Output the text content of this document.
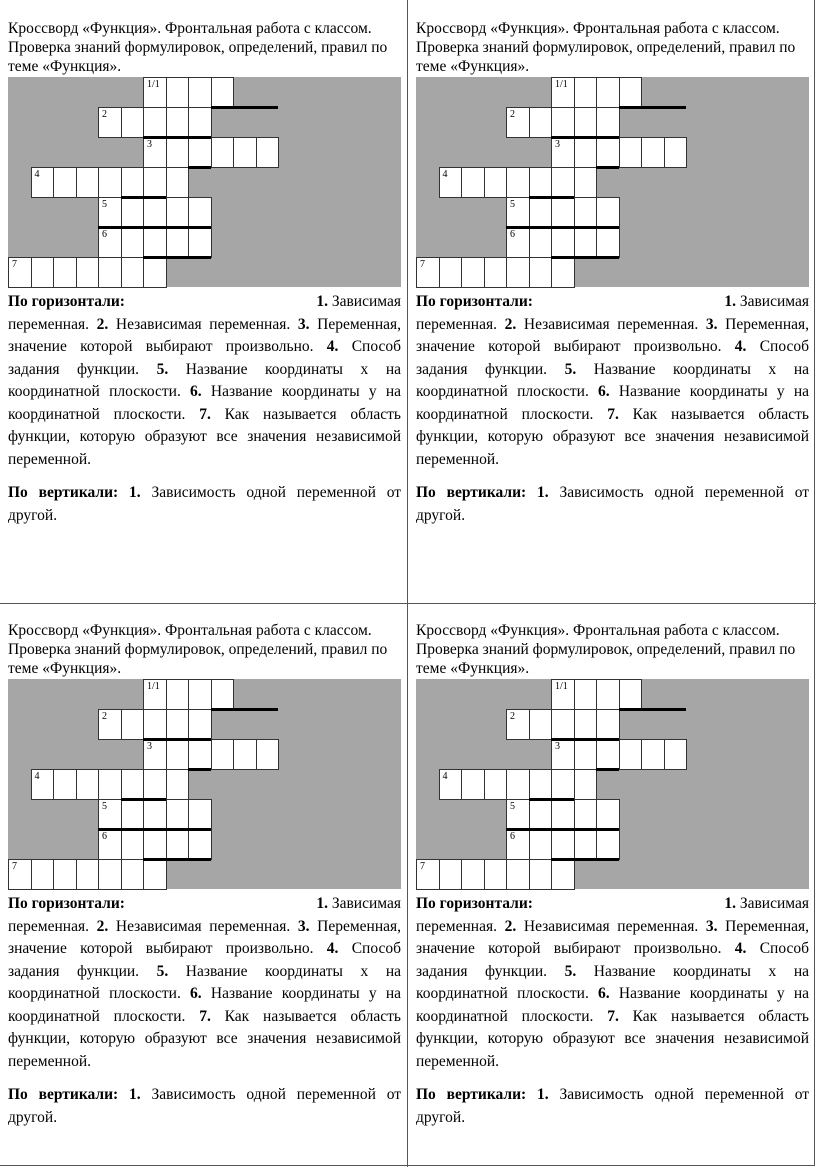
Кроссворд «Функция». Фронтальная работа с классом. Проверка знаний формулировок, определений, правил по теме «Функция».
1/1
2
3
4
5
6
7
По горизонтали:	1. Зависимая
переменная. 2. Независимая переменная. 3. Переменная, значение которой выбирают произвольно. 4. Способ задания функции. 5. Название координаты х на координатной плоскости. 6. Название координаты у на координатной плоскости. 7. Как называется область функции, которую образуют все значения независимой переменной.
По вертикали: 1. Зависимость одной переменной от другой.
Кроссворд «Функция». Фронтальная работа с классом. Проверка знаний формулировок, определений, правил по теме «Функция».
1/1
2
3
4
5
6
7
По горизонтали:	1. Зависимая
переменная. 2. Независимая переменная. 3. Переменная, значение которой выбирают произвольно. 4. Способ задания функции. 5. Название координаты х на координатной плоскости. 6. Название координаты у на координатной плоскости. 7. Как называется область функции, которую образуют все значения независимой переменной.
По вертикали: 1. Зависимость одной переменной от другой.
Кроссворд «Функция». Фронтальная работа с классом. Проверка знаний формулировок, определений, правил по теме «Функция».
1/1
2
3
4
5
6
7
По горизонтали:	1. Зависимая
переменная. 2. Независимая переменная. 3. Переменная, значение которой выбирают произвольно. 4. Способ задания функции. 5. Название координаты х на координатной плоскости. 6. Название координаты у на координатной плоскости. 7. Как называется область функции, которую образуют все значения независимой переменной.
По вертикали: 1. Зависимость одной переменной от другой.
Кроссворд «Функция». Фронтальная работа с классом. Проверка знаний формулировок, определений, правил по теме «Функция».
1/1
2
3
4
5
6
7
По горизонтали:	1. Зависимая
переменная. 2. Независимая переменная. 3. Переменная, значение которой выбирают произвольно. 4. Способ задания функции. 5. Название координаты х на координатной плоскости. 6. Название координаты у на координатной плоскости. 7. Как называется область функции, которую образуют все значения независимой переменной.
По вертикали: 1. Зависимость одной переменной от другой.
